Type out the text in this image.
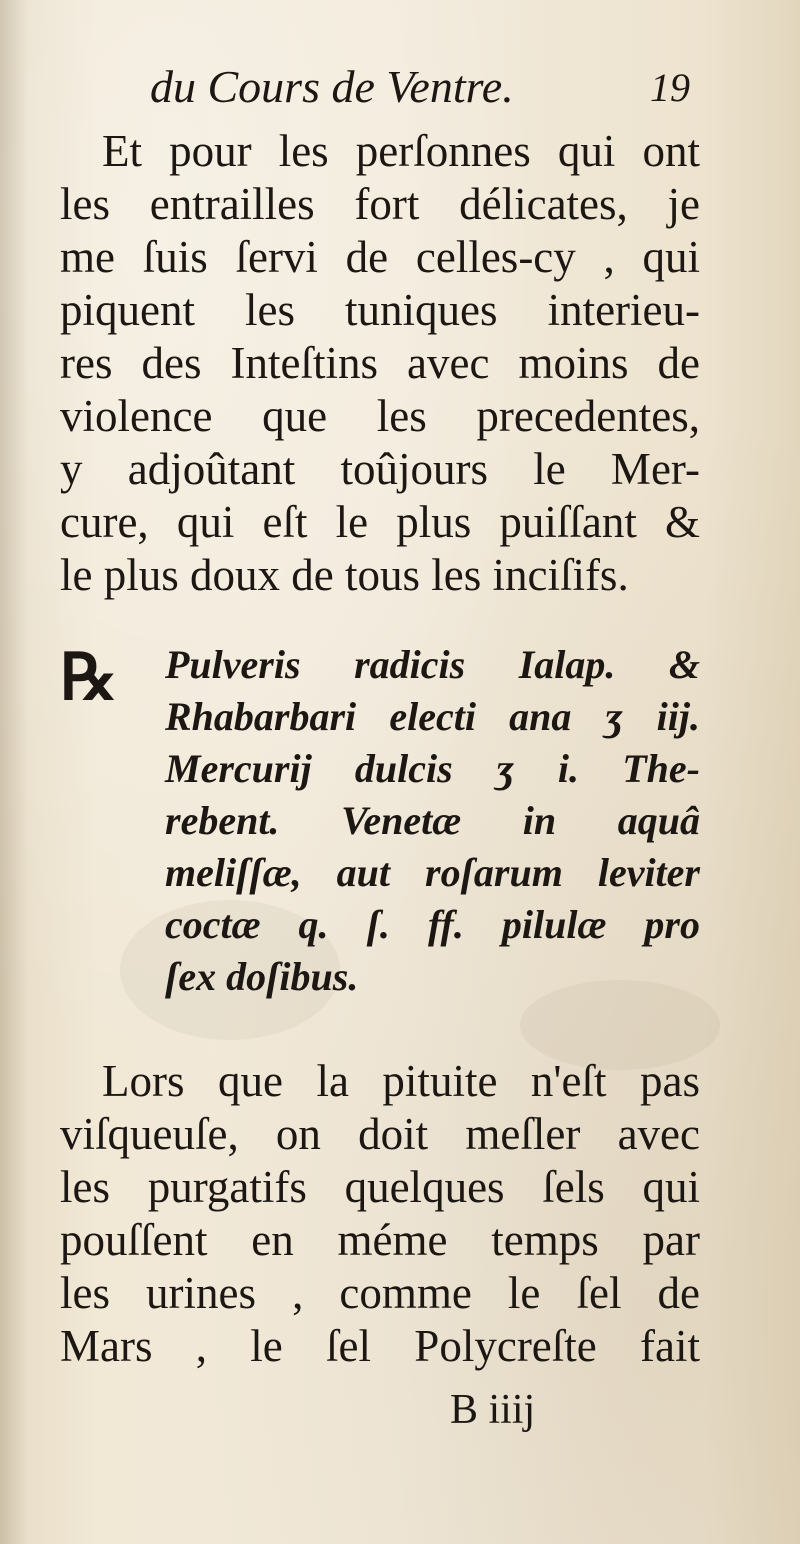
du Cours de Ventre.	19
Et pour les perſonnes qui ont
les entrailles fort délicates, je
me ſuis ſervi de celles-cy , qui
piquent les tuniques interieu-
res des Inteſtins avec moins de
violence que les precedentes,
y adjoûtant toûjours le Mer-
cure, qui eſt le plus puiſſant &
le plus doux de tous les inciſifs.
℞ Pulveris radicis Ialap. &
Rhabarbari electi ana ʒ iij.
Mercurij dulcis ʒ i. The-
rebent. Venetæ in aquâ
meliſſæ, aut roſarum leviter
coctæ q. ſ. ff. pilulæ pro
ſex doſibus.
Lors que la pituite n'eſt pas
viſqueuſe, on doit meſler avec
les purgatifs quelques ſels qui
pouſſent en méme temps par
les urines , comme le ſel de
Mars , le ſel Polycreſte fait
B iiij
